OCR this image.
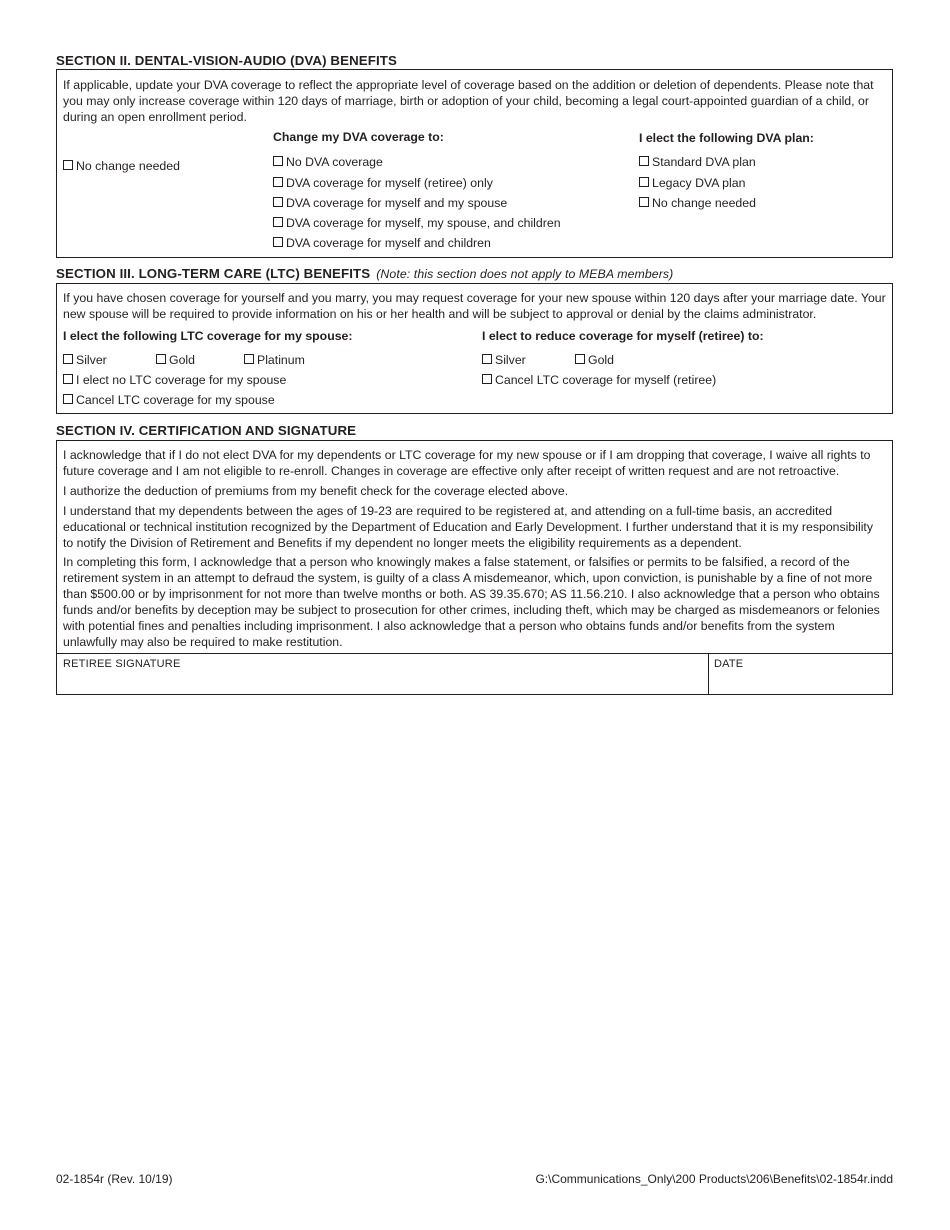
SECTION II. DENTAL-VISION-AUDIO (DVA) BENEFITS
If applicable, update your DVA coverage to reflect the appropriate level of coverage based on the addition or deletion of dependents. Please note that you may only increase coverage within 120 days of marriage, birth or adoption of your child, becoming a legal court-appointed guardian of a child, or during an open enrollment period.
Change my DVA coverage to:	I elect the following DVA plan:
No change needed	No DVA coverage
DVA coverage for myself (retiree) only
DVA coverage for myself and my spouse
DVA coverage for myself, my spouse, and children
DVA coverage for myself and children
Standard DVA plan
Legacy DVA plan
No change needed
SECTION III. LONG-TERM CARE (LTC) BENEFITS (Note: this section does not apply to MEBA members)
If you have chosen coverage for yourself and you marry, you may request coverage for your new spouse within 120 days after your marriage date. Your new spouse will be required to provide information on his or her health and will be subject to approval or denial by the claims administrator.
I elect the following LTC coverage for my spouse:	I elect to reduce coverage for myself (retiree) to:
Silver	Gold	Platinum
I elect no LTC coverage for my spouse
Cancel LTC coverage for my spouse
Silver	Gold
Cancel LTC coverage for myself (retiree)
SECTION IV. CERTIFICATION AND SIGNATURE
I acknowledge that if I do not elect DVA for my dependents or LTC coverage for my new spouse or if I am dropping that coverage, I waive all rights to future coverage and I am not eligible to re-enroll. Changes in coverage are effective only after receipt of written request and are not retroactive.
I authorize the deduction of premiums from my benefit check for the coverage elected above.
I understand that my dependents between the ages of 19-23 are required to be registered at, and attending on a full-time basis, an accredited educational or technical institution recognized by the Department of Education and Early Development. I further understand that it is my responsibility to notify the Division of Retirement and Benefits if my dependent no longer meets the eligibility requirements as a dependent.
In completing this form, I acknowledge that a person who knowingly makes a false statement, or falsifies or permits to be falsified, a record of the retirement system in an attempt to defraud the system, is guilty of a class A misdemeanor, which, upon conviction, is punishable by a fine of not more than $500.00 or by imprisonment for not more than twelve months or both. AS 39.35.670; AS 11.56.210. I also acknowledge that a person who obtains funds and/or benefits by deception may be subject to prosecution for other crimes, including theft, which may be charged as misdemeanors or felonies with potential fines and penalties including imprisonment. I also acknowledge that a person who obtains funds and/or benefits from the system unlawfully may also be required to make restitution.
RETIREE SIGNATURE	DATE
02-1854r (Rev. 10/19)	G:\Communications_Only\200 Products\206\Benefits\02-1854r.indd
